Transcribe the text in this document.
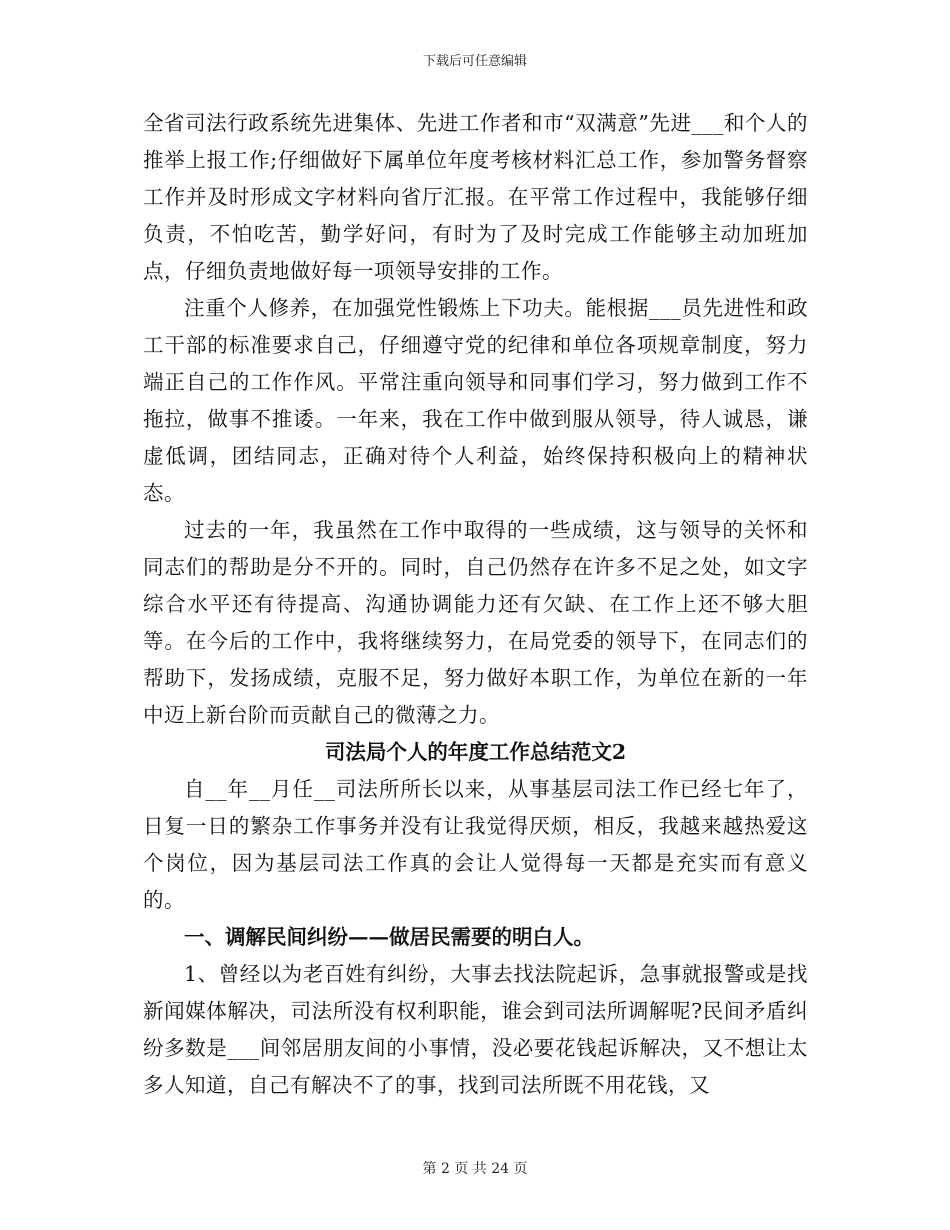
下载后可任意编辑

全省司法行政系统先进集体、先进工作者和市“双满意”先进___和个人的推举上报工作;仔细做好下属单位年度考核材料汇总工作，参加警务督察工作并及时形成文字材料向省厅汇报。在平常工作过程中，我能够仔细负责，不怕吃苦，勤学好问，有时为了及时完成工作能够主动加班加点，仔细负责地做好每一项领导安排的工作。

注重个人修养，在加强党性锻炼上下功夫。能根据___员先进性和政工干部的标准要求自己，仔细遵守党的纪律和单位各项规章制度，努力端正自己的工作作风。平常注重向领导和同事们学习，努力做到工作不拖拉，做事不推诿。一年来，我在工作中做到服从领导，待人诚恳，谦虚低调，团结同志，正确对待个人利益，始终保持积极向上的精神状态。

过去的一年，我虽然在工作中取得的一些成绩，这与领导的关怀和同志们的帮助是分不开的。同时，自己仍然存在许多不足之处，如文字综合水平还有待提高、沟通协调能力还有欠缺、在工作上还不够大胆等。在今后的工作中，我将继续努力，在局党委的领导下，在同志们的帮助下，发扬成绩，克服不足，努力做好本职工作，为单位在新的一年中迈上新台阶而贡献自己的微薄之力。

司法局个人的年度工作总结范文2

自__年__月任__司法所所长以来，从事基层司法工作已经七年了，日复一日的繁杂工作事务并没有让我觉得厌烦，相反，我越来越热爱这个岗位，因为基层司法工作真的会让人觉得每一天都是充实而有意义的。

一、调解民间纠纷——做居民需要的明白人。

1、曾经以为老百姓有纠纷，大事去找法院起诉，急事就报警或是找新闻媒体解决，司法所没有权利职能，谁会到司法所调解呢?民间矛盾纠纷多数是___间邻居朋友间的小事情，没必要花钱起诉解决，又不想让太多人知道，自己有解决不了的事，找到司法所既不用花钱，又

第 2 页 共 24 页
